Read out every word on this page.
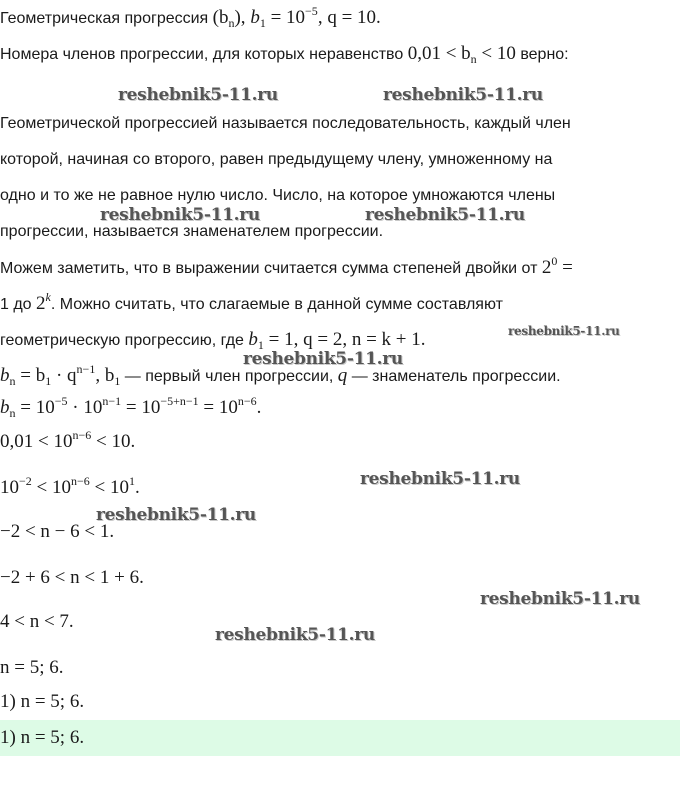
Геометрическая прогрессия $(b_n)$, $b_1 = 10^{-5}$, q = 10.
Номера членов прогрессии, для которых неравенство $0,01 < b_n < 10$ верно:
Геометрической прогрессией называется последовательность, каждый член
которой, начиная со второго, равен предыдущему члену, умноженному на
одно и то же не равное нулю число. Число, на которое умножаются члены
прогрессии, называется знаменателем прогрессии.
Можем заметить, что в выражении считается сумма степеней двойки от $2^0$ =
1 до 2$^k$. Можно считать, что слагаемые в данной сумме составляют
геометрическую прогрессию, где $b_1 = 1$, q = 2, n = k + 1.
$b_n = b_1 \cdot q^{n-1}$, $b_1$ — первый член прогрессии, q — знаменатель прогрессии.
$b_n = 10^{-5} \cdot 10^{n-1} = 10^{-5+n-1} = 10^{n-6}$.
$0,01 < 10^{n-6} < 10$.
$10^{-2} < 10^{n-6} < 10^1$.
−2 < n − 6 < 1.
−2 + 6 < n < 1 + 6.
4 < n < 7.
n = 5; 6.
1) n = 5; 6.
1) n = 5; 6.
reshebnik5-11.ru	reshebnik5-11.ru
reshebnik5-11.ru	reshebnik5-11.ru
reshebnik5-11.ru
reshebnik5-11.ru
reshebnik5-11.ru
reshebnik5-11.ru
reshebnik5-11.ru
reshebnik5-11.ru
